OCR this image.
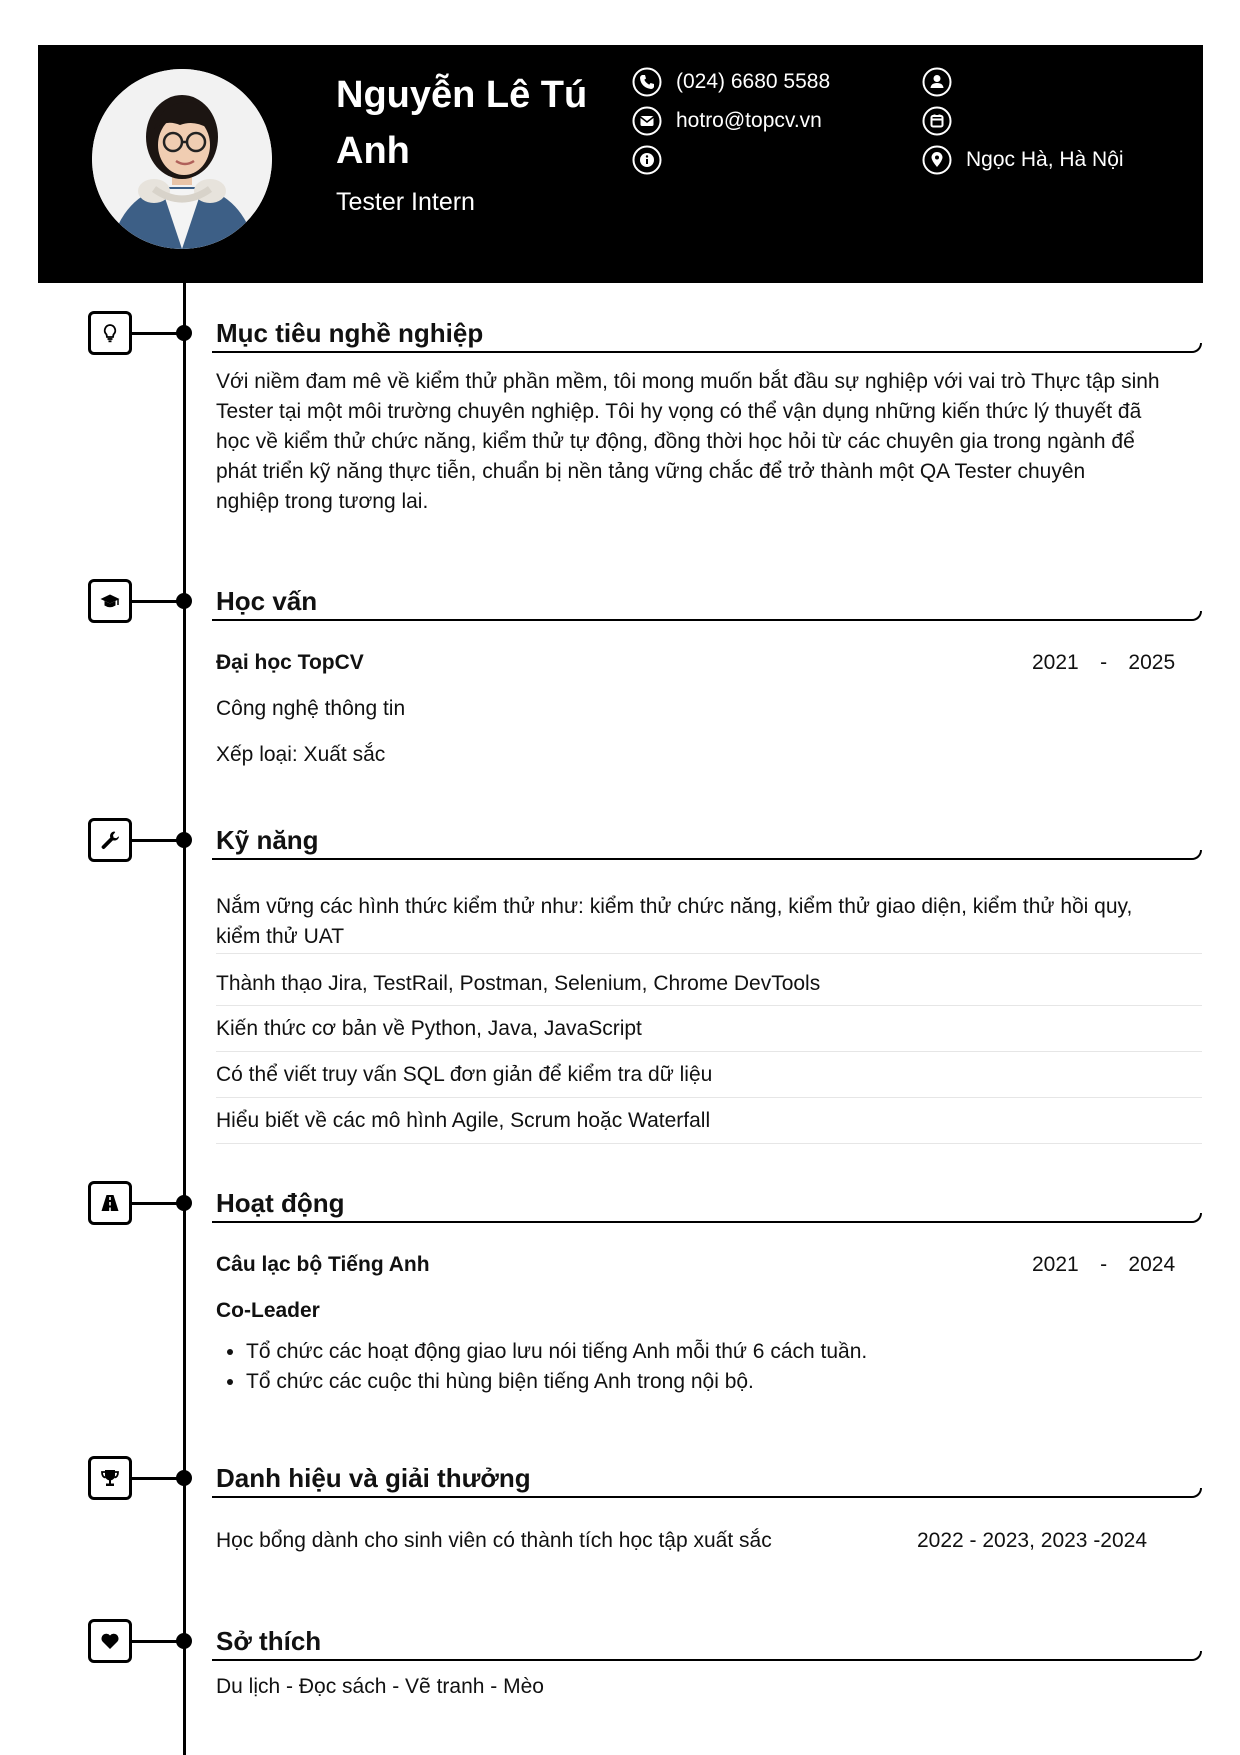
Nguyễn Lê Tú Anh
Tester Intern
(024) 6680 5588
hotro@topcv.vn
Ngọc Hà, Hà Nội
Mục tiêu nghề nghiệp
Với niềm đam mê về kiểm thử phần mềm, tôi mong muốn bắt đầu sự nghiệp với vai trò Thực tập sinh
Tester tại một môi trường chuyên nghiệp. Tôi hy vọng có thể vận dụng những kiến thức lý thuyết đã
học về kiểm thử chức năng, kiểm thử tự động, đồng thời học hỏi từ các chuyên gia trong ngành để
phát triển kỹ năng thực tiễn, chuẩn bị nền tảng vững chắc để trở thành một QA Tester chuyên
nghiệp trong tương lai.
Học vấn
Đại học TopCV	2021 - 2025
Công nghệ thông tin
Xếp loại: Xuất sắc
Kỹ năng
Nắm vững các hình thức kiểm thử như: kiểm thử chức năng, kiểm thử giao diện, kiểm thử hồi quy,
kiểm thử UAT
Thành thạo Jira, TestRail, Postman, Selenium, Chrome DevTools
Kiến thức cơ bản về Python, Java, JavaScript
Có thể viết truy vấn SQL đơn giản để kiểm tra dữ liệu
Hiểu biết về các mô hình Agile, Scrum hoặc Waterfall
Hoạt động
Câu lạc bộ Tiếng Anh	2021 - 2024
Co-Leader
• Tổ chức các hoạt động giao lưu nói tiếng Anh mỗi thứ 6 cách tuần.
• Tổ chức các cuộc thi hùng biện tiếng Anh trong nội bộ.
Danh hiệu và giải thưởng
Học bổng dành cho sinh viên có thành tích học tập xuất sắc	2022 - 2023, 2023 -2024
Sở thích
Du lịch - Đọc sách - Vẽ tranh - Mèo
